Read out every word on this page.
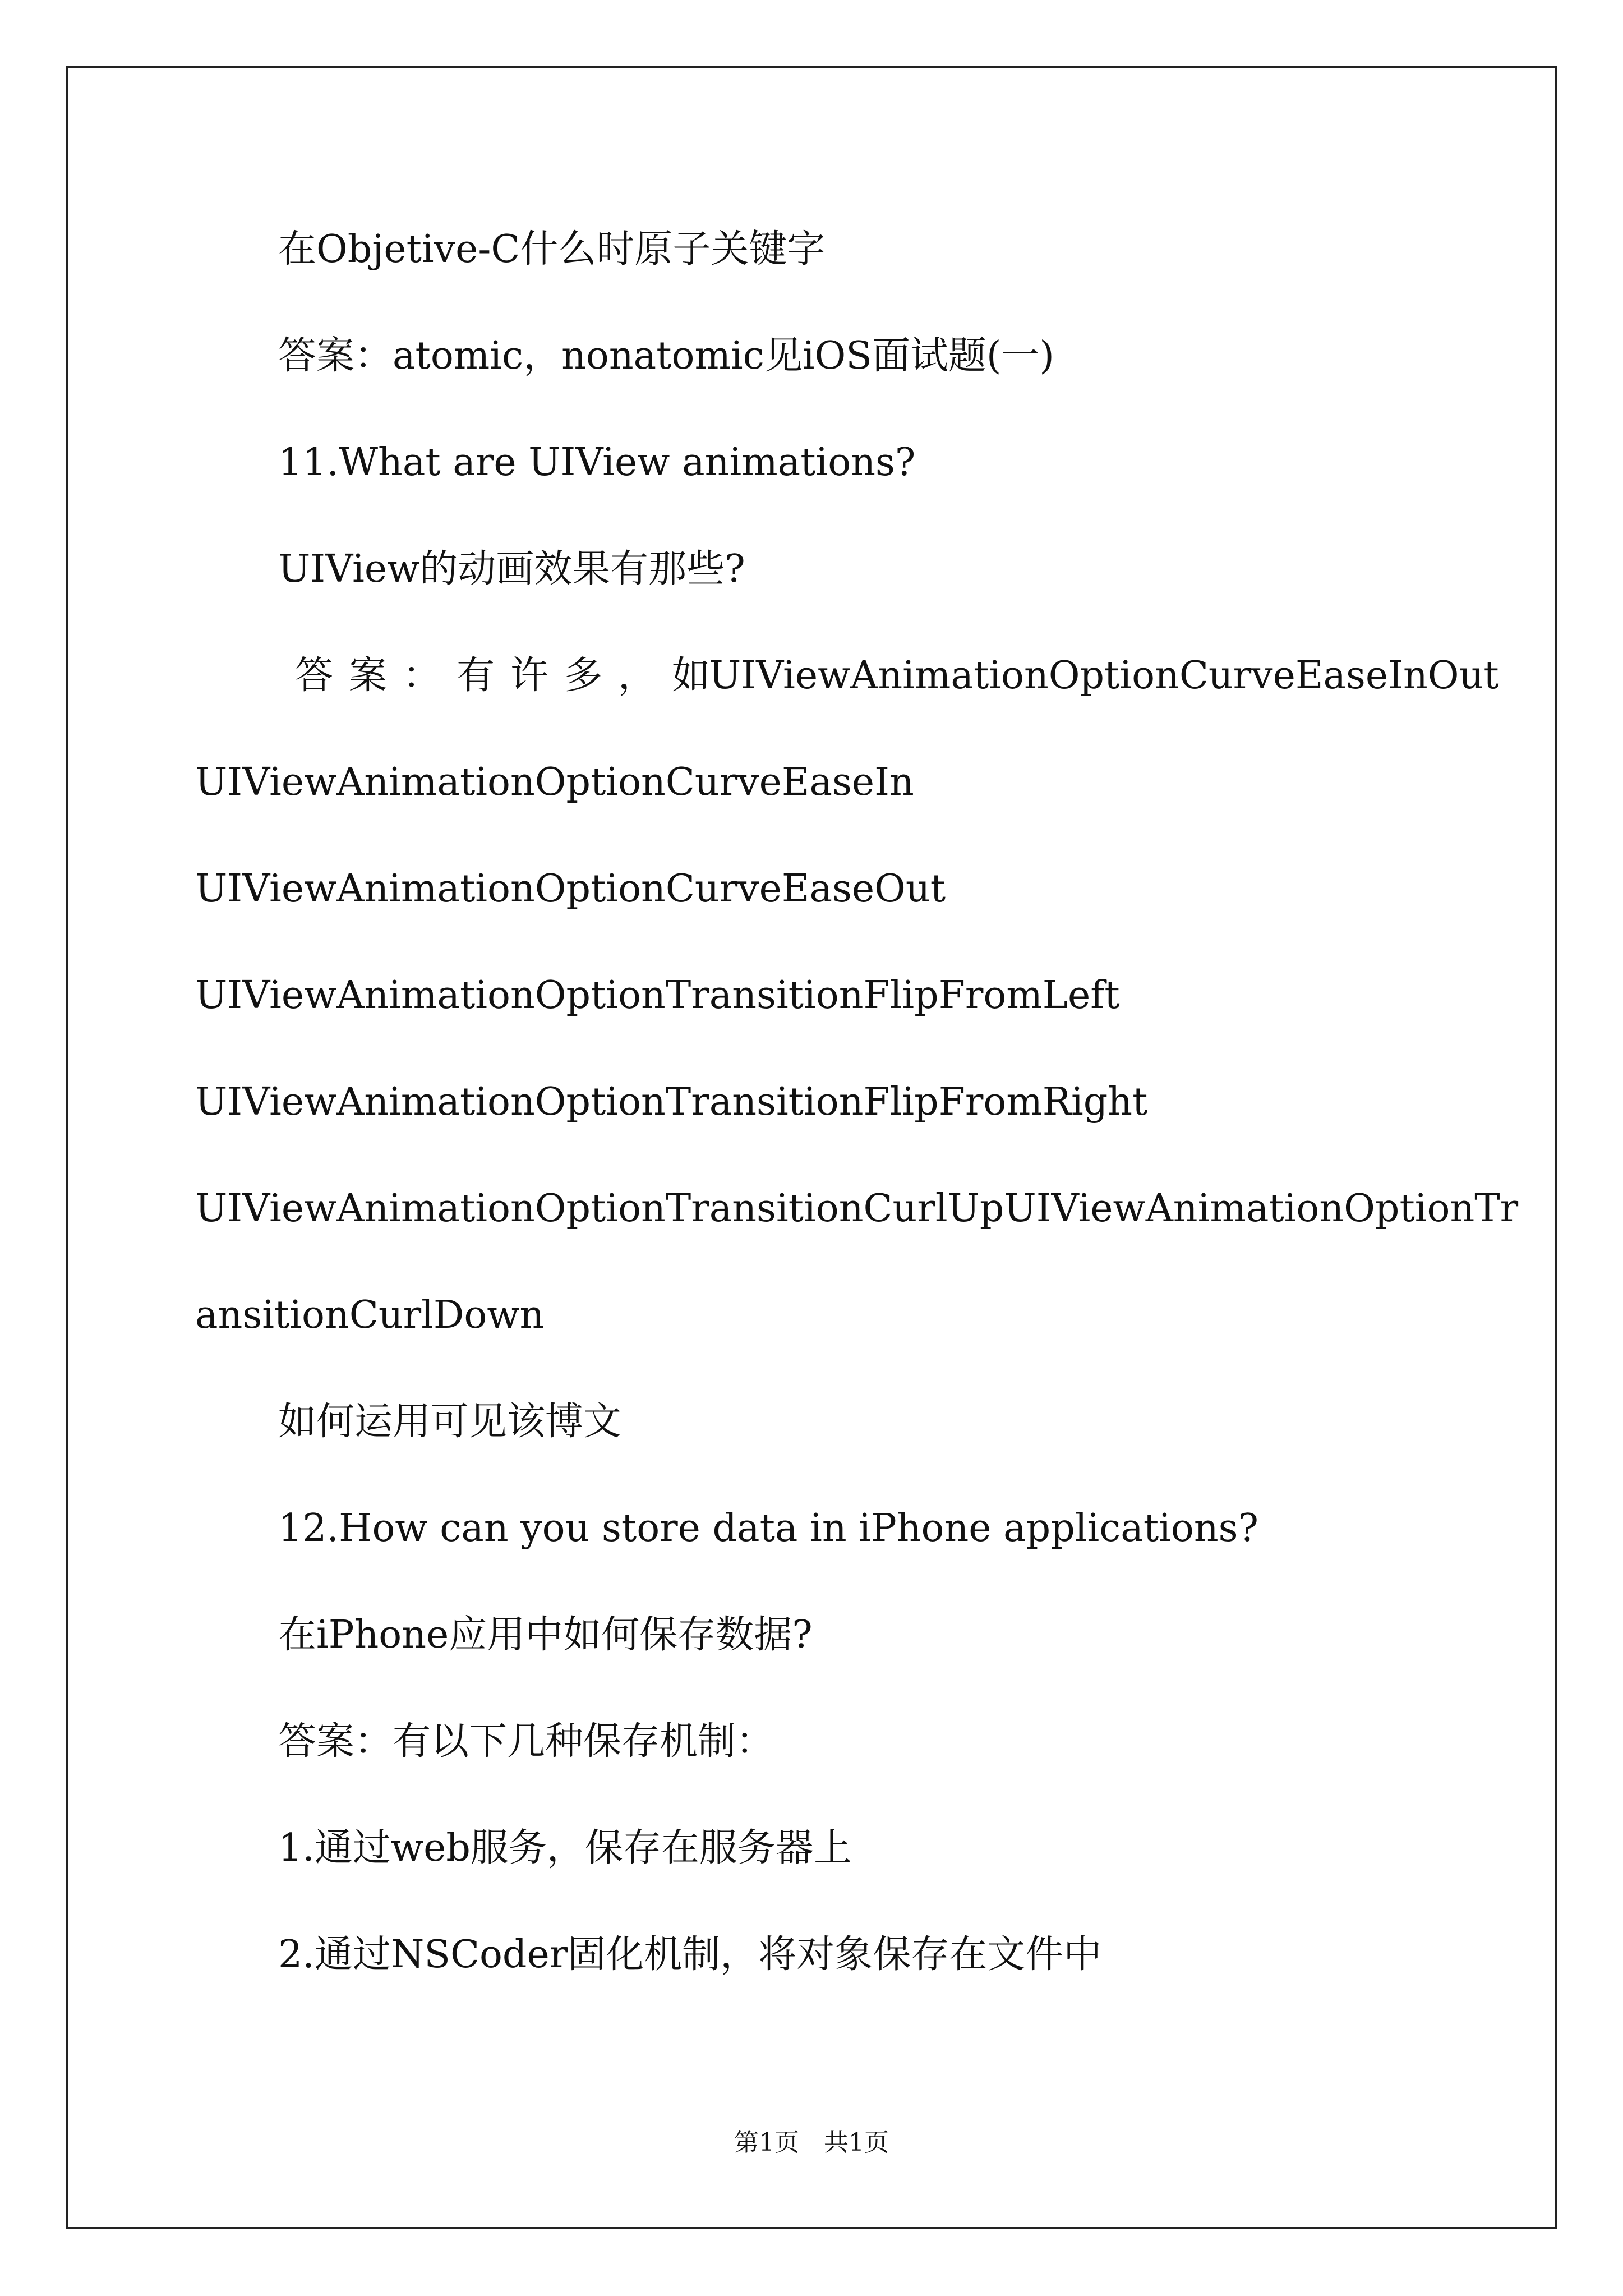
在Objetive-C什么时原子关键字
答案：atomic，nonatomic见iOS面试题(一)
11.What are UIView animations?
UIView的动画效果有那些?
答案：有许多，如
UIViewAnimationOptionCurveEaseInOut
UIViewAnimationOptionCurveEaseIn
UIViewAnimationOptionCurveEaseOut
UIViewAnimationOptionTransitionFlipFromLeft
UIViewAnimationOptionTransitionFlipFromRight
UIViewAnimationOptionTransitionCurlUpUIViewAnimationOptionTr
ansitionCurlDown
如何运用可见该博文
12.How can you store data in iPhone applications?
在iPhone应用中如何保存数据?
答案：有以下几种保存机制：
1.通过web服务，保存在服务器上
2.通过NSCoder固化机制，将对象保存在文件中
第1页　共1页
